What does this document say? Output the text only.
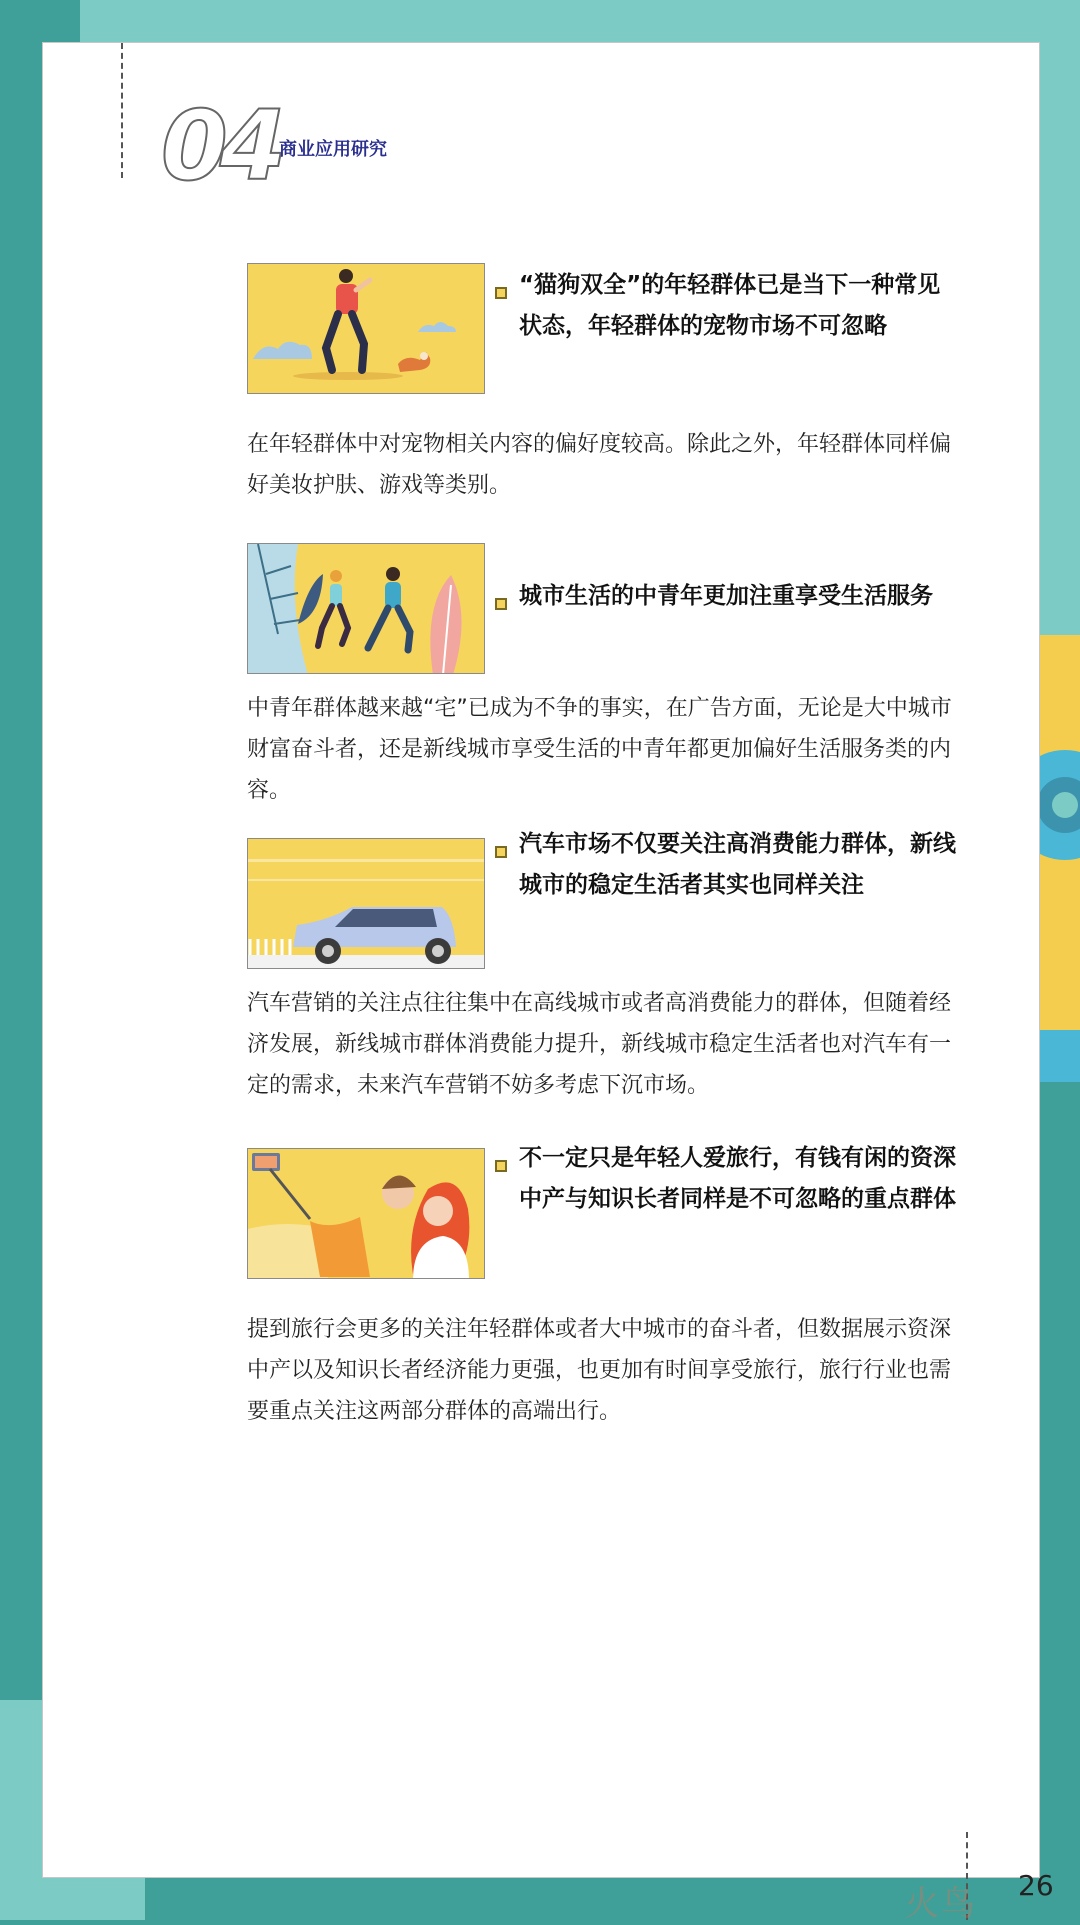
04 商业应用研究
“猫狗双全”的年轻群体已是当下一种常见状态，年轻群体的宠物市场不可忽略
在年轻群体中对宠物相关内容的偏好度较高。除此之外，年轻群体同样偏好美妆护肤、游戏等类别。
城市生活的中青年更加注重享受生活服务
中青年群体越来越“宅”已成为不争的事实，在广告方面，无论是大中城市财富奋斗者，还是新线城市享受生活的中青年都更加偏好生活服务类的内容。
汽车市场不仅要关注高消费能力群体，新线城市的稳定生活者其实也同样关注
汽车营销的关注点往往集中在高线城市或者高消费能力的群体，但随着经济发展，新线城市群体消费能力提升，新线城市稳定生活者也对汽车有一定的需求，未来汽车营销不妨多考虑下沉市场。
不一定只是年轻人爱旅行，有钱有闲的资深中产与知识长者同样是不可忽略的重点群体
提到旅行会更多的关注年轻群体或者大中城市的奋斗者，但数据展示资深中产以及知识长者经济能力更强，也更加有时间享受旅行，旅行行业也需要重点关注这两部分群体的高端出行。
26
火鸟
